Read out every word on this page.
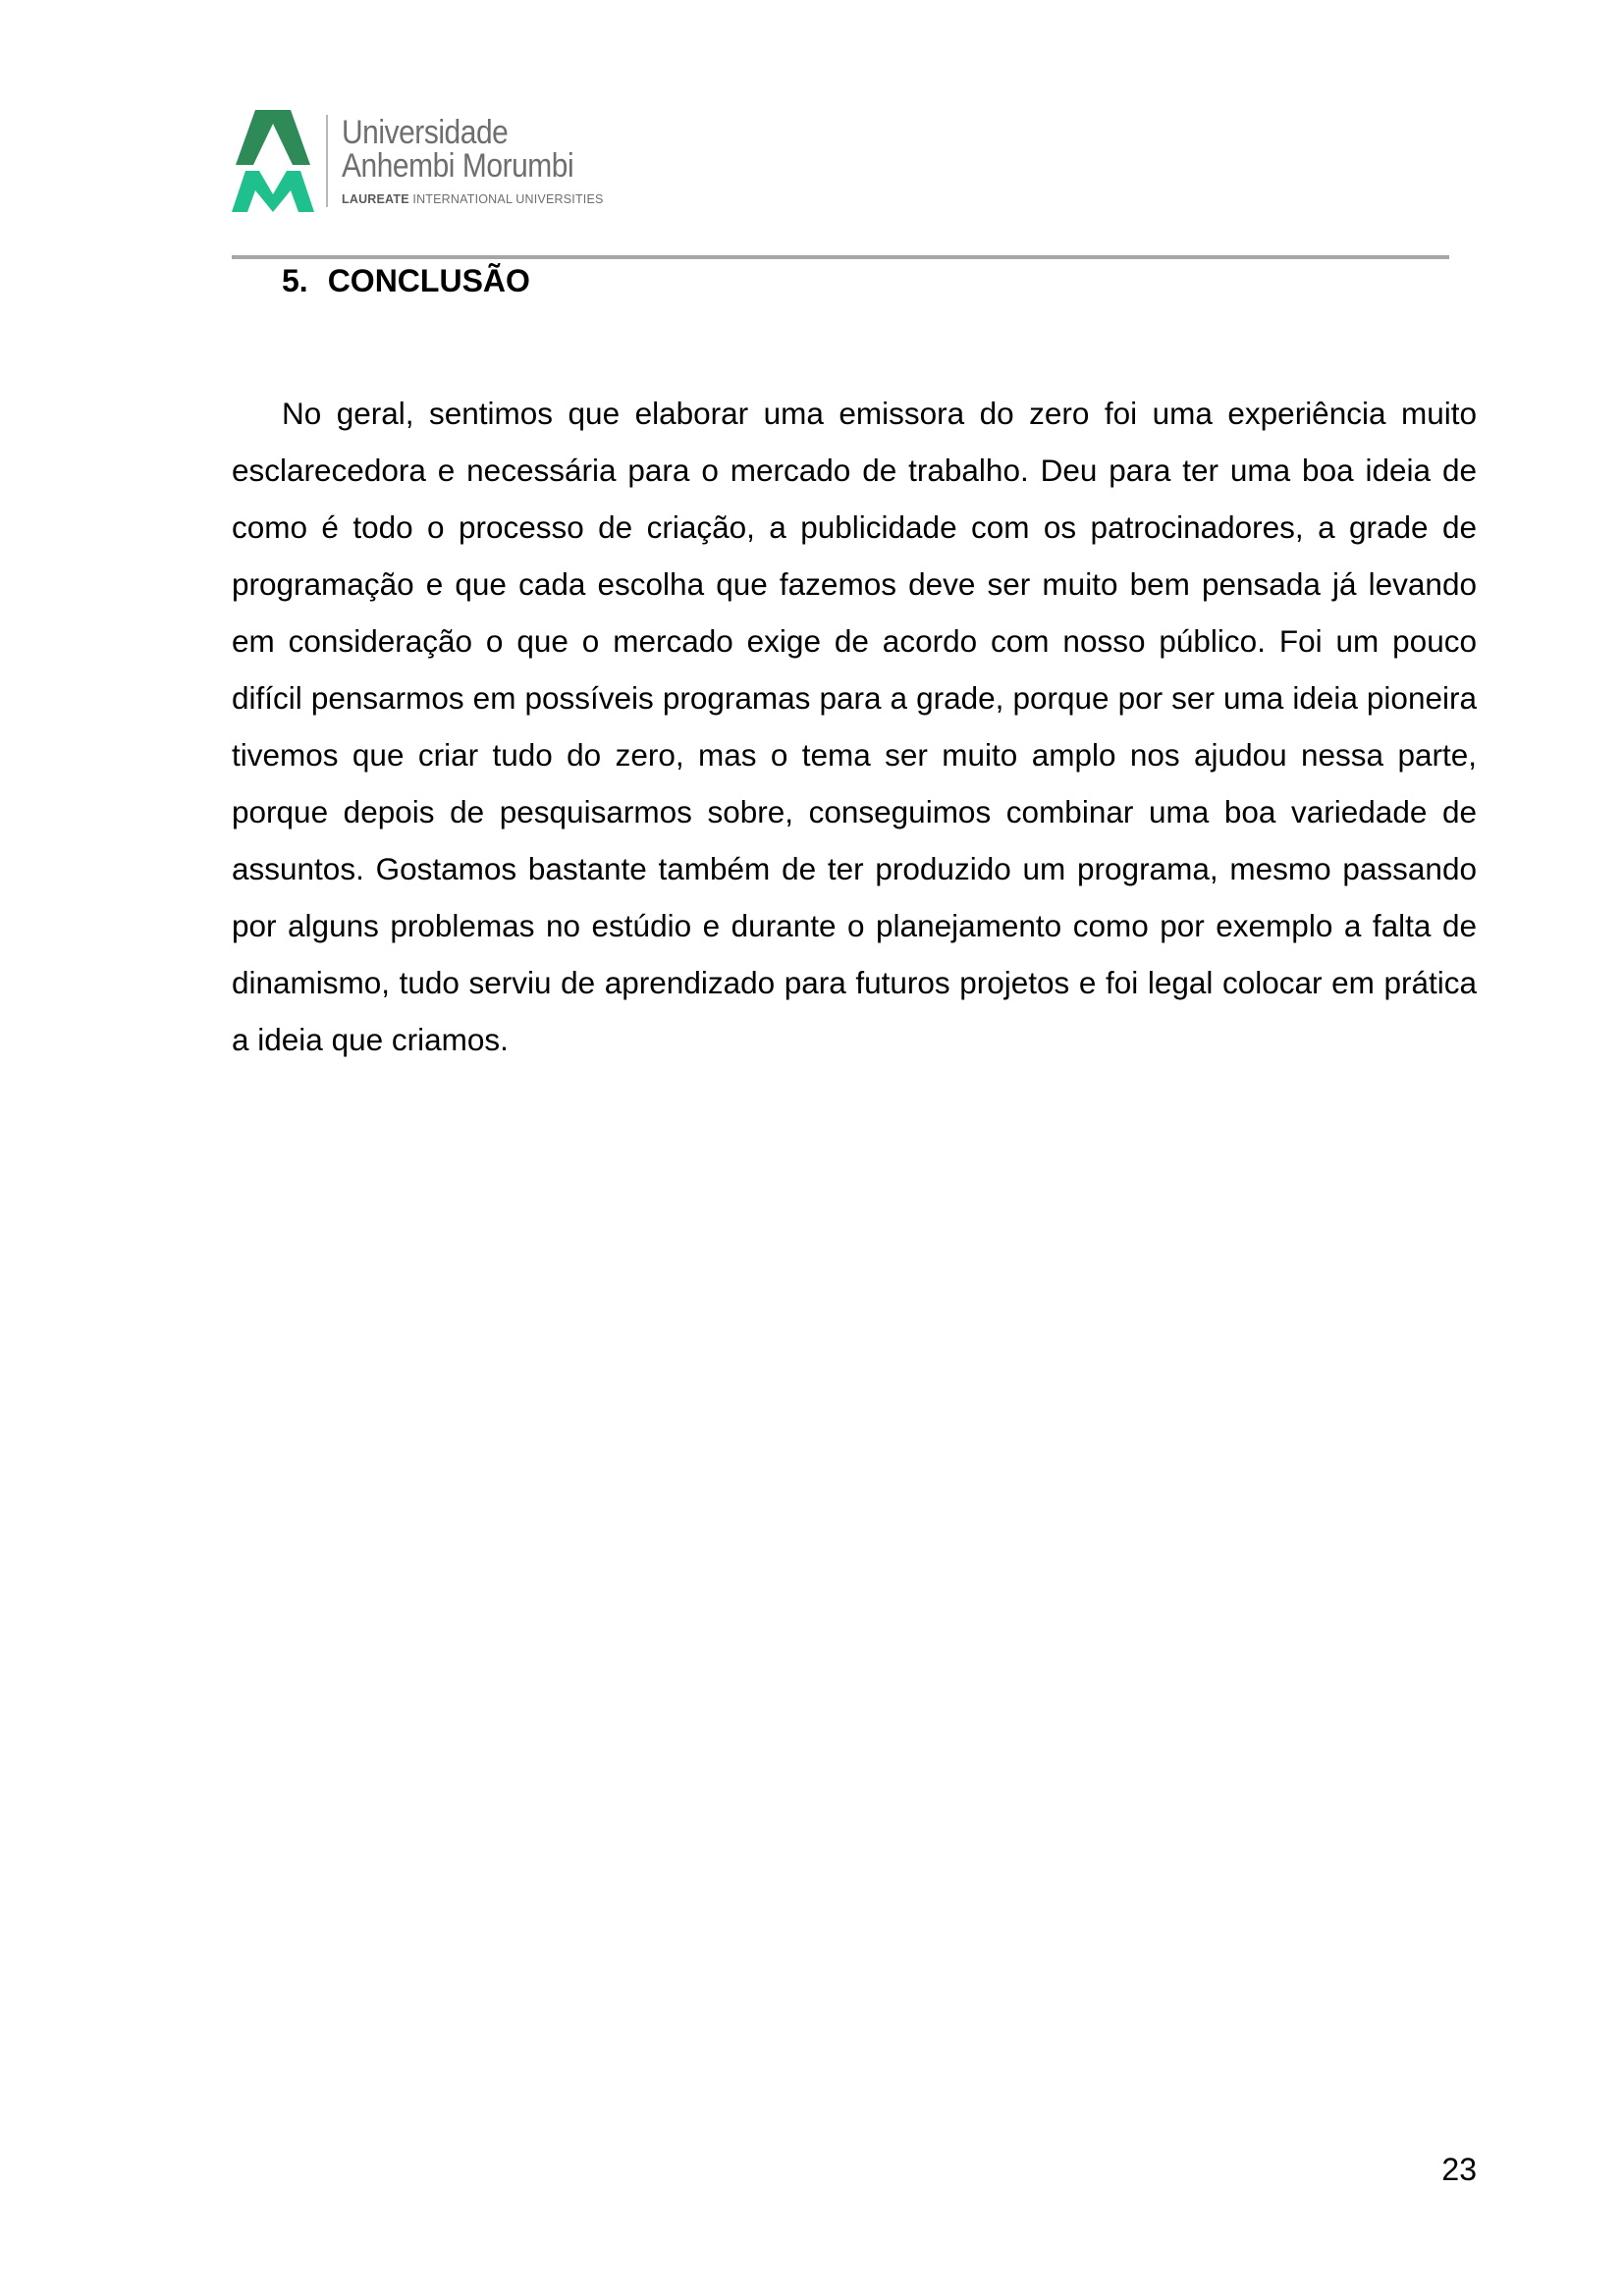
Universidade
Anhembi Morumbi
LAUREATE INTERNATIONAL UNIVERSITIES
5. CONCLUSÃO

No geral, sentimos que elaborar uma emissora do zero foi uma experiência muito esclarecedora e necessária para o mercado de trabalho. Deu para ter uma boa ideia de como é todo o processo de criação, a publicidade com os patrocinadores, a grade de programação e que cada escolha que fazemos deve ser muito bem pensada já levando em consideração o que o mercado exige de acordo com nosso público. Foi um pouco difícil pensarmos em possíveis programas para a grade, porque por ser uma ideia pioneira tivemos que criar tudo do zero, mas o tema ser muito amplo nos ajudou nessa parte, porque depois de pesquisarmos sobre, conseguimos combinar uma boa variedade de assuntos. Gostamos bastante também de ter produzido um programa, mesmo passando por alguns problemas no estúdio e durante o planejamento como por exemplo a falta de dinamismo, tudo serviu de aprendizado para futuros projetos e foi legal colocar em prática a ideia que criamos.

23
